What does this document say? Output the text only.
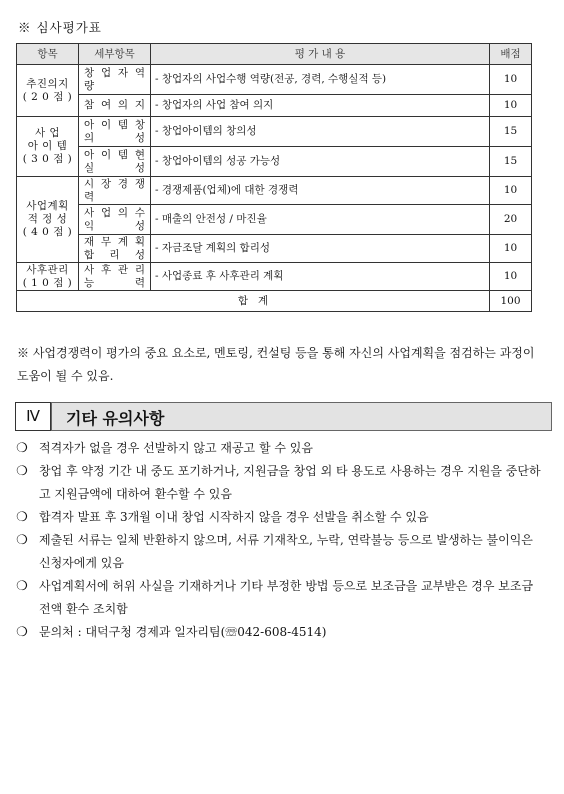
※ 심사평가표
항목	세부항목	평 가 내 용	배점
추진의지
( 2 0 점 )	창 업 자 역 량	- 창업자의 사업수행 역량(전공, 경력, 수행실적 등)	10
	참 여 의 지	- 창업자의 사업 참여 의지	10
사 업
아 이 템
( 3 0 점 )	아 이 템 창 의 성	- 창업아이템의 창의성	15
	아 이 템 현 실 성	- 창업아이템의 성공 가능성	15
사업계획
적 정 성
( 4 0 점 )	시 장 경 쟁 력	- 경쟁제품(업체)에 대한 경쟁력	10
	사 업 의 수 익 성	- 매출의 안전성 / 마진율	20
	재 무 계 획 합 리 성	- 자금조달 계획의 합리성	10
사후관리
( 1 0 점 )	사 후 관 리 능 력	- 사업종료 후 사후관리 계획	10
합   계			100
※ 사업경쟁력이 평가의 중요 요소로, 멘토링, 컨설팅 등을 통해 자신의 사업계획을 점검하는 과정이 도움이 될 수 있음.
Ⅳ	기타 유의사항
❍ 적격자가 없을 경우 선발하지 않고 재공고 할 수 있음
❍ 창업 후 약정 기간 내 중도 포기하거나, 지원금을 창업 외 타 용도로 사용하는 경우 지원을 중단하고 지원금액에 대하여 환수할 수 있음
❍ 합격자 발표 후 3개월 이내 창업 시작하지 않을 경우 선발을 취소할 수 있음
❍ 제출된 서류는 일체 반환하지 않으며, 서류 기재착오, 누락, 연락불능 등으로 발생하는 불이익은 신청자에게 있음
❍ 사업계획서에 허위 사실을 기재하거나 기타 부정한 방법 등으로 보조금을 교부받은 경우 보조금 전액 환수 조치함
❍ 문의처 : 대덕구청 경제과 일자리팀(☏042-608-4514)
